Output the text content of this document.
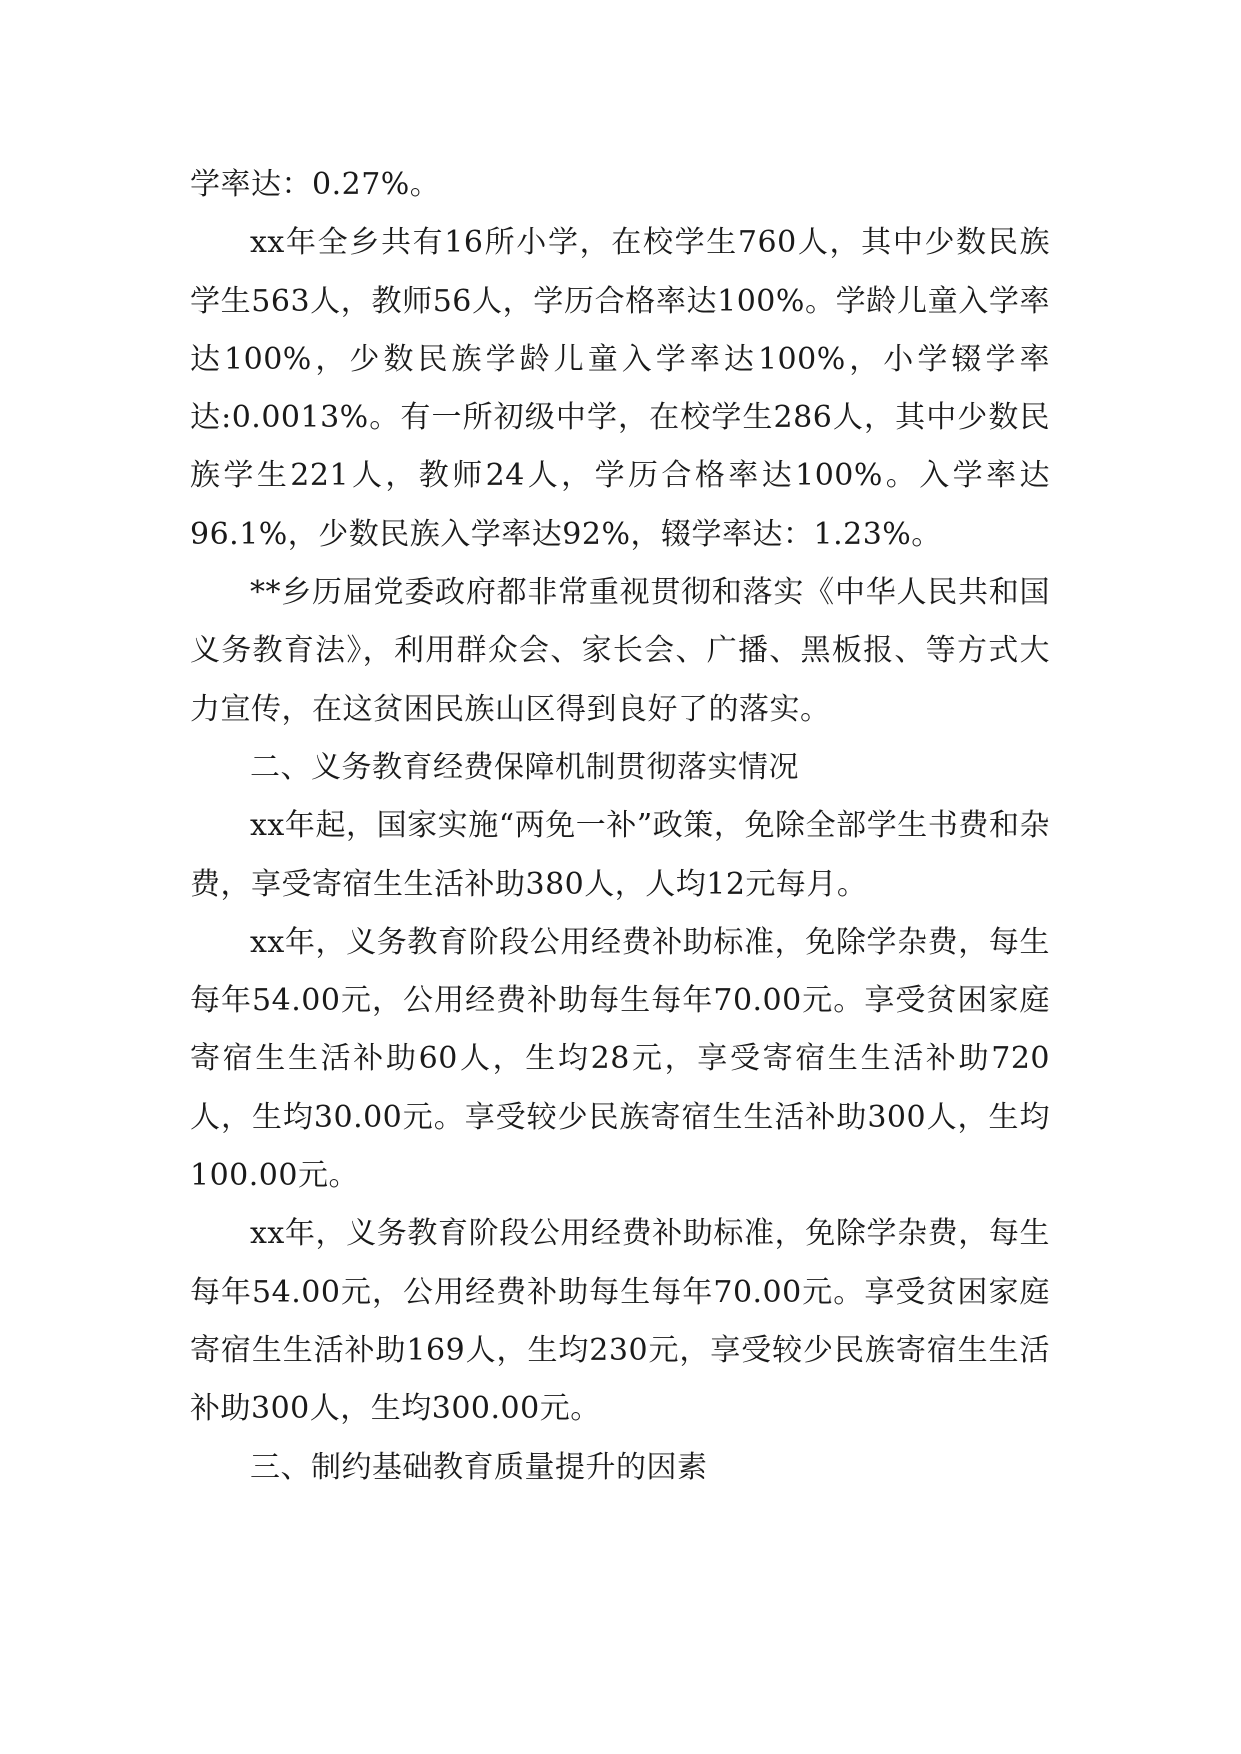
学率达：0.27%。

xx年全乡共有16所小学，在校学生760人，其中少数民族学生563人，教师56人，学历合格率达100%。学龄儿童入学率达100%，少数民族学龄儿童入学率达100%，小学辍学率达:0.0013%。有一所初级中学，在校学生286人，其中少数民族学生221人，教师24人，学历合格率达100%。入学率达96.1%，少数民族入学率达92%，辍学率达：1.23%。

**乡历届党委政府都非常重视贯彻和落实《中华人民共和国义务教育法》，利用群众会、家长会、广播、黑板报、等方式大力宣传，在这贫困民族山区得到良好了的落实。

二、义务教育经费保障机制贯彻落实情况

xx年起，国家实施“两免一补”政策，免除全部学生书费和杂费，享受寄宿生生活补助380人，人均12元每月。

xx年，义务教育阶段公用经费补助标准，免除学杂费，每生每年54.00元，公用经费补助每生每年70.00元。享受贫困家庭寄宿生生活补助60人，生均28元，享受寄宿生生活补助720人，生均30.00元。享受较少民族寄宿生生活补助300人，生均100.00元。

xx年，义务教育阶段公用经费补助标准，免除学杂费，每生每年54.00元，公用经费补助每生每年70.00元。享受贫困家庭寄宿生生活补助169人，生均230元，享受较少民族寄宿生生活补助300人，生均300.00元。

三、制约基础教育质量提升的因素
